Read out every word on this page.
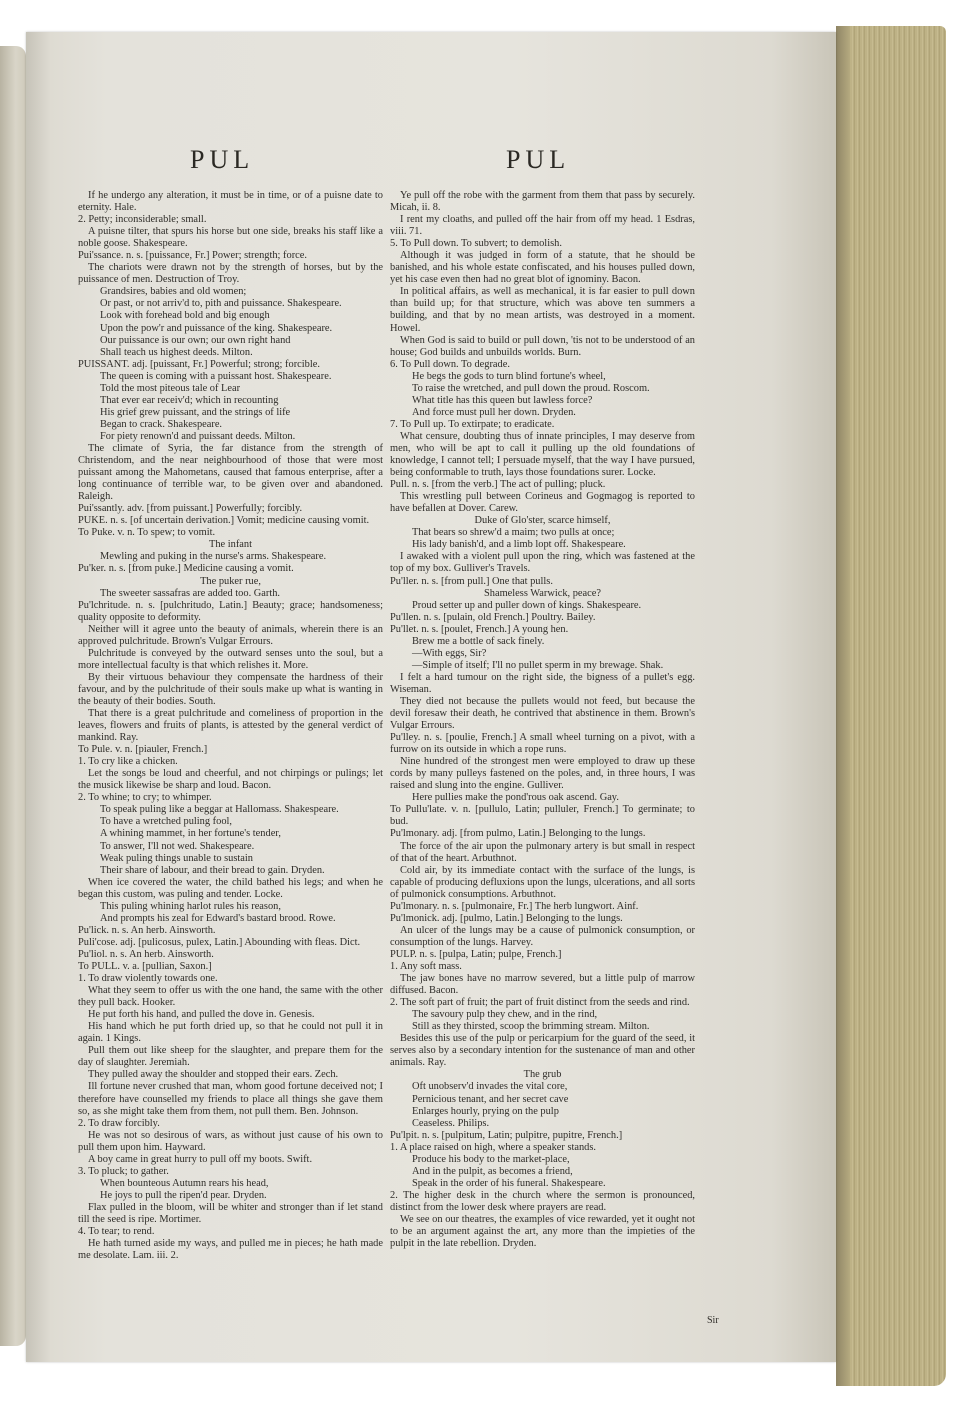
PUL	PUL

If he undergo any alteration, it must be in time, or of a puisne date to eternity. Hale.

2. Petty; inconsiderable; small.

A puisne tilter, that spurs his horse but one side, breaks his staff like a noble goose. Shakespeare.

Pui'ssance. n. s. [puissance, Fr.] Power; strength; force.

The chariots were drawn not by the strength of horses, but by the puissance of men. Destruction of Troy.

Grandsires, babies and old women;

Or past, or not arriv'd to, pith and puissance. Shakespeare.

Look with forehead bold and big enough

Upon the pow'r and puissance of the king. Shakespeare.

Our puissance is our own; our own right hand

Shall teach us highest deeds. Milton.

PUISSANT. adj. [puissant, Fr.] Powerful; strong; forcible.

The queen is coming with a puissant host. Shakespeare.

Told the most piteous tale of Lear

That ever ear receiv'd; which in recounting

His grief grew puissant, and the strings of life

Began to crack. Shakespeare.

For piety renown'd and puissant deeds. Milton.

The climate of Syria, the far distance from the strength of Christendom, and the near neighbourhood of those that were most puissant among the Mahometans, caused that famous enterprise, after a long continuance of terrible war, to be given over and abandoned. Raleigh.

Pui'ssantly. adv. [from puissant.] Powerfully; forcibly.

PUKE. n. s. [of uncertain derivation.] Vomit; medicine causing vomit.

To Puke. v. n. To spew; to vomit.

The infant

Mewling and puking in the nurse's arms. Shakespeare.

Pu'ker. n. s. [from puke.] Medicine causing a vomit.

The puker rue,

The sweeter sassafras are added too. Garth.

Pu'lchritude. n. s. [pulchritudo, Latin.] Beauty; grace; handsomeness; quality opposite to deformity.

Neither will it agree unto the beauty of animals, wherein there is an approved pulchritude. Brown's Vulgar Errours.

Pulchritude is conveyed by the outward senses unto the soul, but a more intellectual faculty is that which relishes it. More.

By their virtuous behaviour they compensate the hardness of their favour, and by the pulchritude of their souls make up what is wanting in the beauty of their bodies. South.

That there is a great pulchritude and comeliness of proportion in the leaves, flowers and fruits of plants, is attested by the general verdict of mankind. Ray.

To Pule. v. n. [piauler, French.]

1. To cry like a chicken.

Let the songs be loud and cheerful, and not chirpings or pulings; let the musick likewise be sharp and loud. Bacon.

2. To whine; to cry; to whimper.

To speak puling like a beggar at Hallomass. Shakespeare.

To have a wretched puling fool,

A whining mammet, in her fortune's tender,

To answer, I'll not wed. Shakespeare.

Weak puling things unable to sustain

Their share of labour, and their bread to gain. Dryden.

When ice covered the water, the child bathed his legs; and when he began this custom, was puling and tender. Locke.

This puling whining harlot rules his reason,

And prompts his zeal for Edward's bastard brood. Rowe.

Pu'lick. n. s. An herb. Ainsworth.

Puli'cose. adj. [pulicosus, pulex, Latin.] Abounding with fleas. Dict.

Pu'liol. n. s. An herb. Ainsworth.

To PULL. v. a. [pullian, Saxon.]

1. To draw violently towards one.

What they seem to offer us with the one hand, the same with the other they pull back. Hooker.

He put forth his hand, and pulled the dove in. Genesis.

His hand which he put forth dried up, so that he could not pull it in again. 1 Kings.

Pull them out like sheep for the slaughter, and prepare them for the day of slaughter. Jeremiah.

They pulled away the shoulder and stopped their ears. Zech.

Ill fortune never crushed that man, whom good fortune deceived not; I therefore have counselled my friends to place all things she gave them so, as she might take them from them, not pull them. Ben. Johnson.

2. To draw forcibly.

He was not so desirous of wars, as without just cause of his own to pull them upon him. Hayward.

A boy came in great hurry to pull off my boots. Swift.

3. To pluck; to gather.

When bounteous Autumn rears his head,

He joys to pull the ripen'd pear. Dryden.

Flax pulled in the bloom, will be whiter and stronger than if let stand till the seed is ripe. Mortimer.

4. To tear; to rend.

He hath turned aside my ways, and pulled me in pieces; he hath made me desolate. Lam. iii. 2.

Ye pull off the robe with the garment from them that pass by securely. Micah, ii. 8.

I rent my cloaths, and pulled off the hair from off my head. 1 Esdras, viii. 71.

5. To Pull down. To subvert; to demolish.

Although it was judged in form of a statute, that he should be banished, and his whole estate confiscated, and his houses pulled down, yet his case even then had no great blot of ignominy. Bacon.

In political affairs, as well as mechanical, it is far easier to pull down than build up; for that structure, which was above ten summers a building, and that by no mean artists, was destroyed in a moment. Howel.

When God is said to build or pull down, 'tis not to be understood of an house; God builds and unbuilds worlds. Burn.

6. To Pull down. To degrade.

He begs the gods to turn blind fortune's wheel,

To raise the wretched, and pull down the proud. Roscom.

What title has this queen but lawless force?

And force must pull her down. Dryden.

7. To Pull up. To extirpate; to eradicate.

What censure, doubting thus of innate principles, I may deserve from men, who will be apt to call it pulling up the old foundations of knowledge, I cannot tell; I persuade myself, that the way I have pursued, being conformable to truth, lays those foundations surer. Locke.

Pull. n. s. [from the verb.] The act of pulling; pluck.

This wrestling pull between Corineus and Gogmagog is reported to have befallen at Dover. Carew.

Duke of Glo'ster, scarce himself,

That bears so shrew'd a maim; two pulls at once;

His lady banish'd, and a limb lopt off. Shakespeare.

I awaked with a violent pull upon the ring, which was fastened at the top of my box. Gulliver's Travels.

Pu'ller. n. s. [from pull.] One that pulls.

Shameless Warwick, peace?

Proud setter up and puller down of kings. Shakespeare.

Pu'llen. n. s. [pulain, old French.] Poultry. Bailey.

Pu'llet. n. s. [poulet, French.] A young hen.

Brew me a bottle of sack finely.

—With eggs, Sir?

—Simple of itself; I'll no pullet sperm in my brewage. Shak.

I felt a hard tumour on the right side, the bigness of a pullet's egg. Wiseman.

They died not because the pullets would not feed, but because the devil foresaw their death, he contrived that abstinence in them. Brown's Vulgar Errours.

Pu'lley. n. s. [poulie, French.] A small wheel turning on a pivot, with a furrow on its outside in which a rope runs.

Nine hundred of the strongest men were employed to draw up these cords by many pulleys fastened on the poles, and, in three hours, I was raised and slung into the engine. Gulliver.

Here pullies make the pond'rous oak ascend. Gay.

To Pullu'late. v. n. [pullulo, Latin; pulluler, French.] To germinate; to bud.

Pu'lmonary. adj. [from pulmo, Latin.] Belonging to the lungs.

The force of the air upon the pulmonary artery is but small in respect of that of the heart. Arbuthnot.

Cold air, by its immediate contact with the surface of the lungs, is capable of producing defluxions upon the lungs, ulcerations, and all sorts of pulmonick consumptions. Arbuthnot.

Pu'lmonary. n. s. [pulmonaire, Fr.] The herb lungwort. Ainf.

Pu'lmonick. adj. [pulmo, Latin.] Belonging to the lungs.

An ulcer of the lungs may be a cause of pulmonick consumption, or consumption of the lungs. Harvey.

PULP. n. s. [pulpa, Latin; pulpe, French.]

1. Any soft mass.

The jaw bones have no marrow severed, but a little pulp of marrow diffused. Bacon.

2. The soft part of fruit; the part of fruit distinct from the seeds and rind.

The savoury pulp they chew, and in the rind,

Still as they thirsted, scoop the brimming stream. Milton.

Besides this use of the pulp or pericarpium for the guard of the seed, it serves also by a secondary intention for the sustenance of man and other animals. Ray.

The grub

Oft unobserv'd invades the vital core,

Pernicious tenant, and her secret cave

Enlarges hourly, prying on the pulp

Ceaseless. Philips.

Pu'lpit. n. s. [pulpitum, Latin; pulpitre, pupitre, French.]

1. A place raised on high, where a speaker stands.

Produce his body to the market-place,

And in the pulpit, as becomes a friend,

Speak in the order of his funeral. Shakespeare.

2. The higher desk in the church where the sermon is pronounced, distinct from the lower desk where prayers are read.

We see on our theatres, the examples of vice rewarded, yet it ought not to be an argument against the art, any more than the impieties of the pulpit in the late rebellion. Dryden.

Sir
